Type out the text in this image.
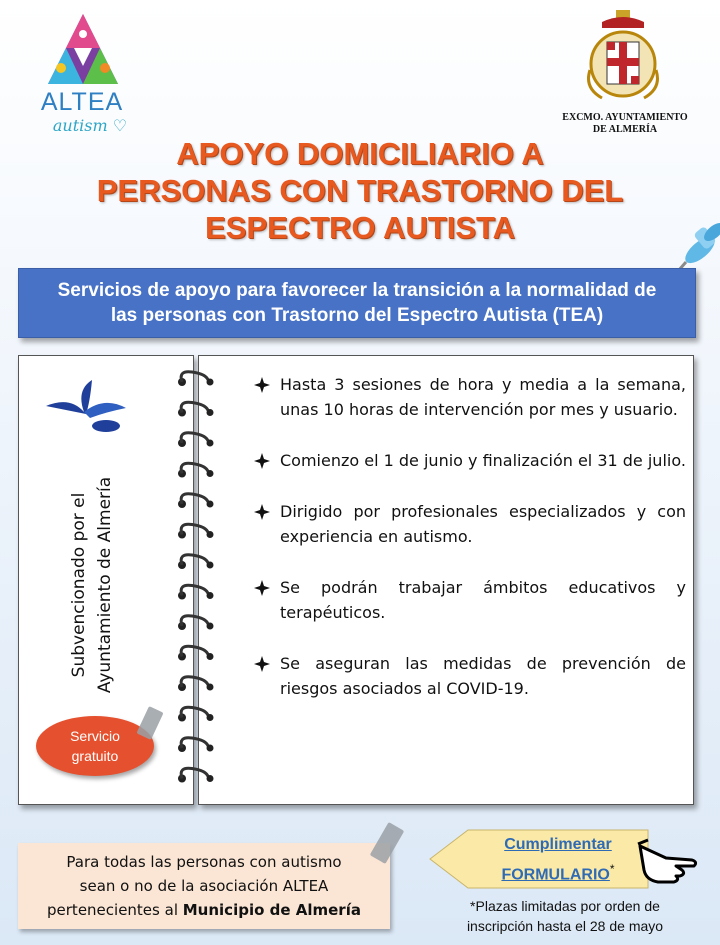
ALTEA
autism ♡	EXCMO. AYUNTAMIENTO
DE ALMERÍA
APOYO DOMICILIARIO A
PERSONAS CON TRASTORNO DEL
ESPECTRO AUTISTA
Servicios de apoyo para favorecer la transición a la normalidad de
las personas con Trastorno del Espectro Autista (TEA)
Subvencionado por el Ayuntamiento de Almería
Servicio
gratuito
Hasta 3 sesiones de hora y media a la semana, unas 10 horas de intervención por mes y usuario.
Comienzo el 1 de junio y finalización el 31 de julio.
Dirigido por profesionales especializados y con experiencia en autismo.
Se podrán trabajar ámbitos educativos y terapéuticos.
Se aseguran las medidas de prevención de riesgos asociados al COVID-19.
Para todas las personas con autismo
sean o no de la asociación ALTEA
pertenecientes al Municipio de Almería
Cumplimentar
FORMULARIO*
*Plazas limitadas por orden de
inscripción hasta el 28 de mayo
